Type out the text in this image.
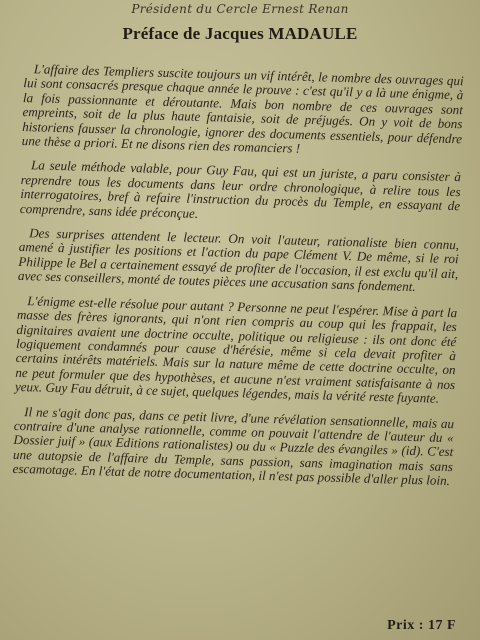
Président du Cercle Ernest Renan
Préface de Jacques MADAULE

L'affaire des Templiers suscite toujours un vif intérêt, le nombre des ouvrages qui lui sont consacrés presque chaque année le prouve : c'est qu'il y a là une énigme, à la fois passionnante et déroutante. Mais bon nombre de ces ouvrages sont empreints, soit de la plus haute fantaisie, soit de préjugés. On y voit de bons historiens fausser la chronologie, ignorer des documents essentiels, pour défendre une thèse a priori. Et ne disons rien des romanciers !

La seule méthode valable, pour Guy Fau, qui est un juriste, a paru consister à reprendre tous les documents dans leur ordre chronologique, à relire tous les interrogatoires, bref à refaire l'instruction du procès du Temple, en essayant de comprendre, sans idée préconçue.

Des surprises attendent le lecteur. On voit l'auteur, rationaliste bien connu, amené à justifier les positions et l'action du pape Clément V. De même, si le roi Philippe le Bel a certainement essayé de profiter de l'occasion, il est exclu qu'il ait, avec ses conseillers, monté de toutes pièces une accusation sans fondement.

L'énigme est-elle résolue pour autant ? Personne ne peut l'espérer. Mise à part la masse des frères ignorants, qui n'ont rien compris au coup qui les frappait, les dignitaires avaient une doctrine occulte, politique ou religieuse : ils ont donc été logiquement condamnés pour cause d'hérésie, même si cela devait profiter à certains intérêts matériels. Mais sur la nature même de cette doctrine occulte, on ne peut formuler que des hypothèses, et aucune n'est vraiment satisfaisante à nos yeux. Guy Fau détruit, à ce sujet, quelques légendes, mais la vérité reste fuyante.

Il ne s'agit donc pas, dans ce petit livre, d'une révélation sensationnelle, mais au contraire d'une analyse rationnelle, comme on pouvait l'attendre de l'auteur du « Dossier juif » (aux Editions rationalistes) ou du « Puzzle des évangiles » (id). C'est une autopsie de l'affaire du Temple, sans passion, sans imagination mais sans escamotage. En l'état de notre documentation, il n'est pas possible d'aller plus loin.

Prix : 17 F
